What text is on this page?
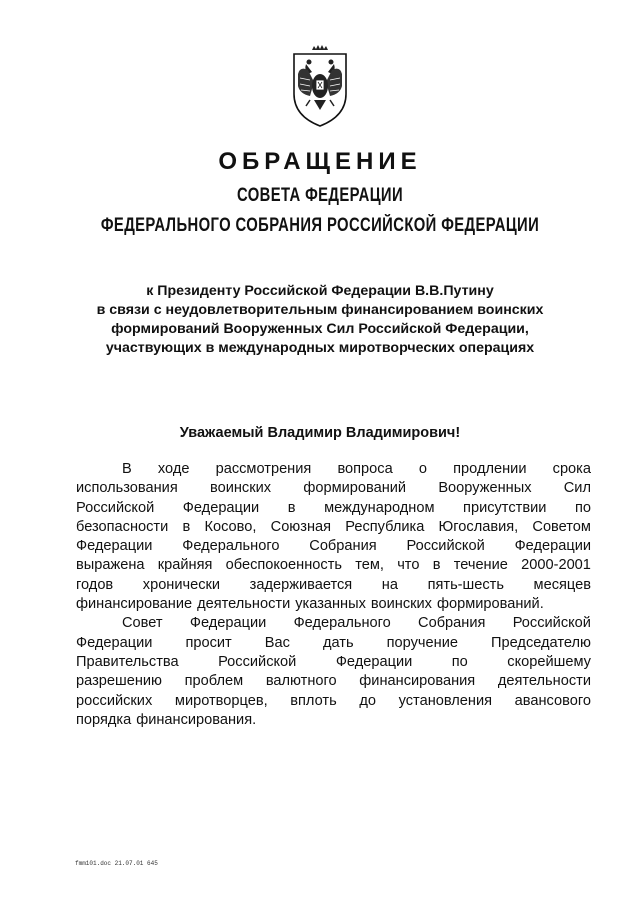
ОБРАЩЕНИЕ
СОВЕТА ФЕДЕРАЦИИ
ФЕДЕРАЛЬНОГО СОБРАНИЯ РОССИЙСКОЙ ФЕДЕРАЦИИ
к Президенту Российской Федерации В.В.Путину
в связи с неудовлетворительным финансированием воинских
формирований Вооруженных Сил Российской Федерации,
участвующих в международных миротворческих операциях
Уважаемый Владимир Владимирович!
В ходе рассмотрения вопроса о продлении срока
использования воинских формирований Вооруженных Сил
Российской Федерации в международном присутствии по
безопасности в Косово, Союзная Республика Югославия, Советом
Федерации Федерального Собрания Российской Федерации
выражена крайняя обеспокоенность тем, что в течение 2000-2001
годов хронически задерживается на пять-шесть месяцев
финансирование деятельности указанных воинских формирований.
Совет Федерации Федерального Собрания Российской
Федерации просит Вас дать поручение Председателю
Правительства	Российской	Федерации	по	скорейшему
разрешению проблем валютного финансирования деятельности
российских миротворцев, вплоть до установления авансового
порядка финансирования.
fmm101.doc 21.07.01 645
